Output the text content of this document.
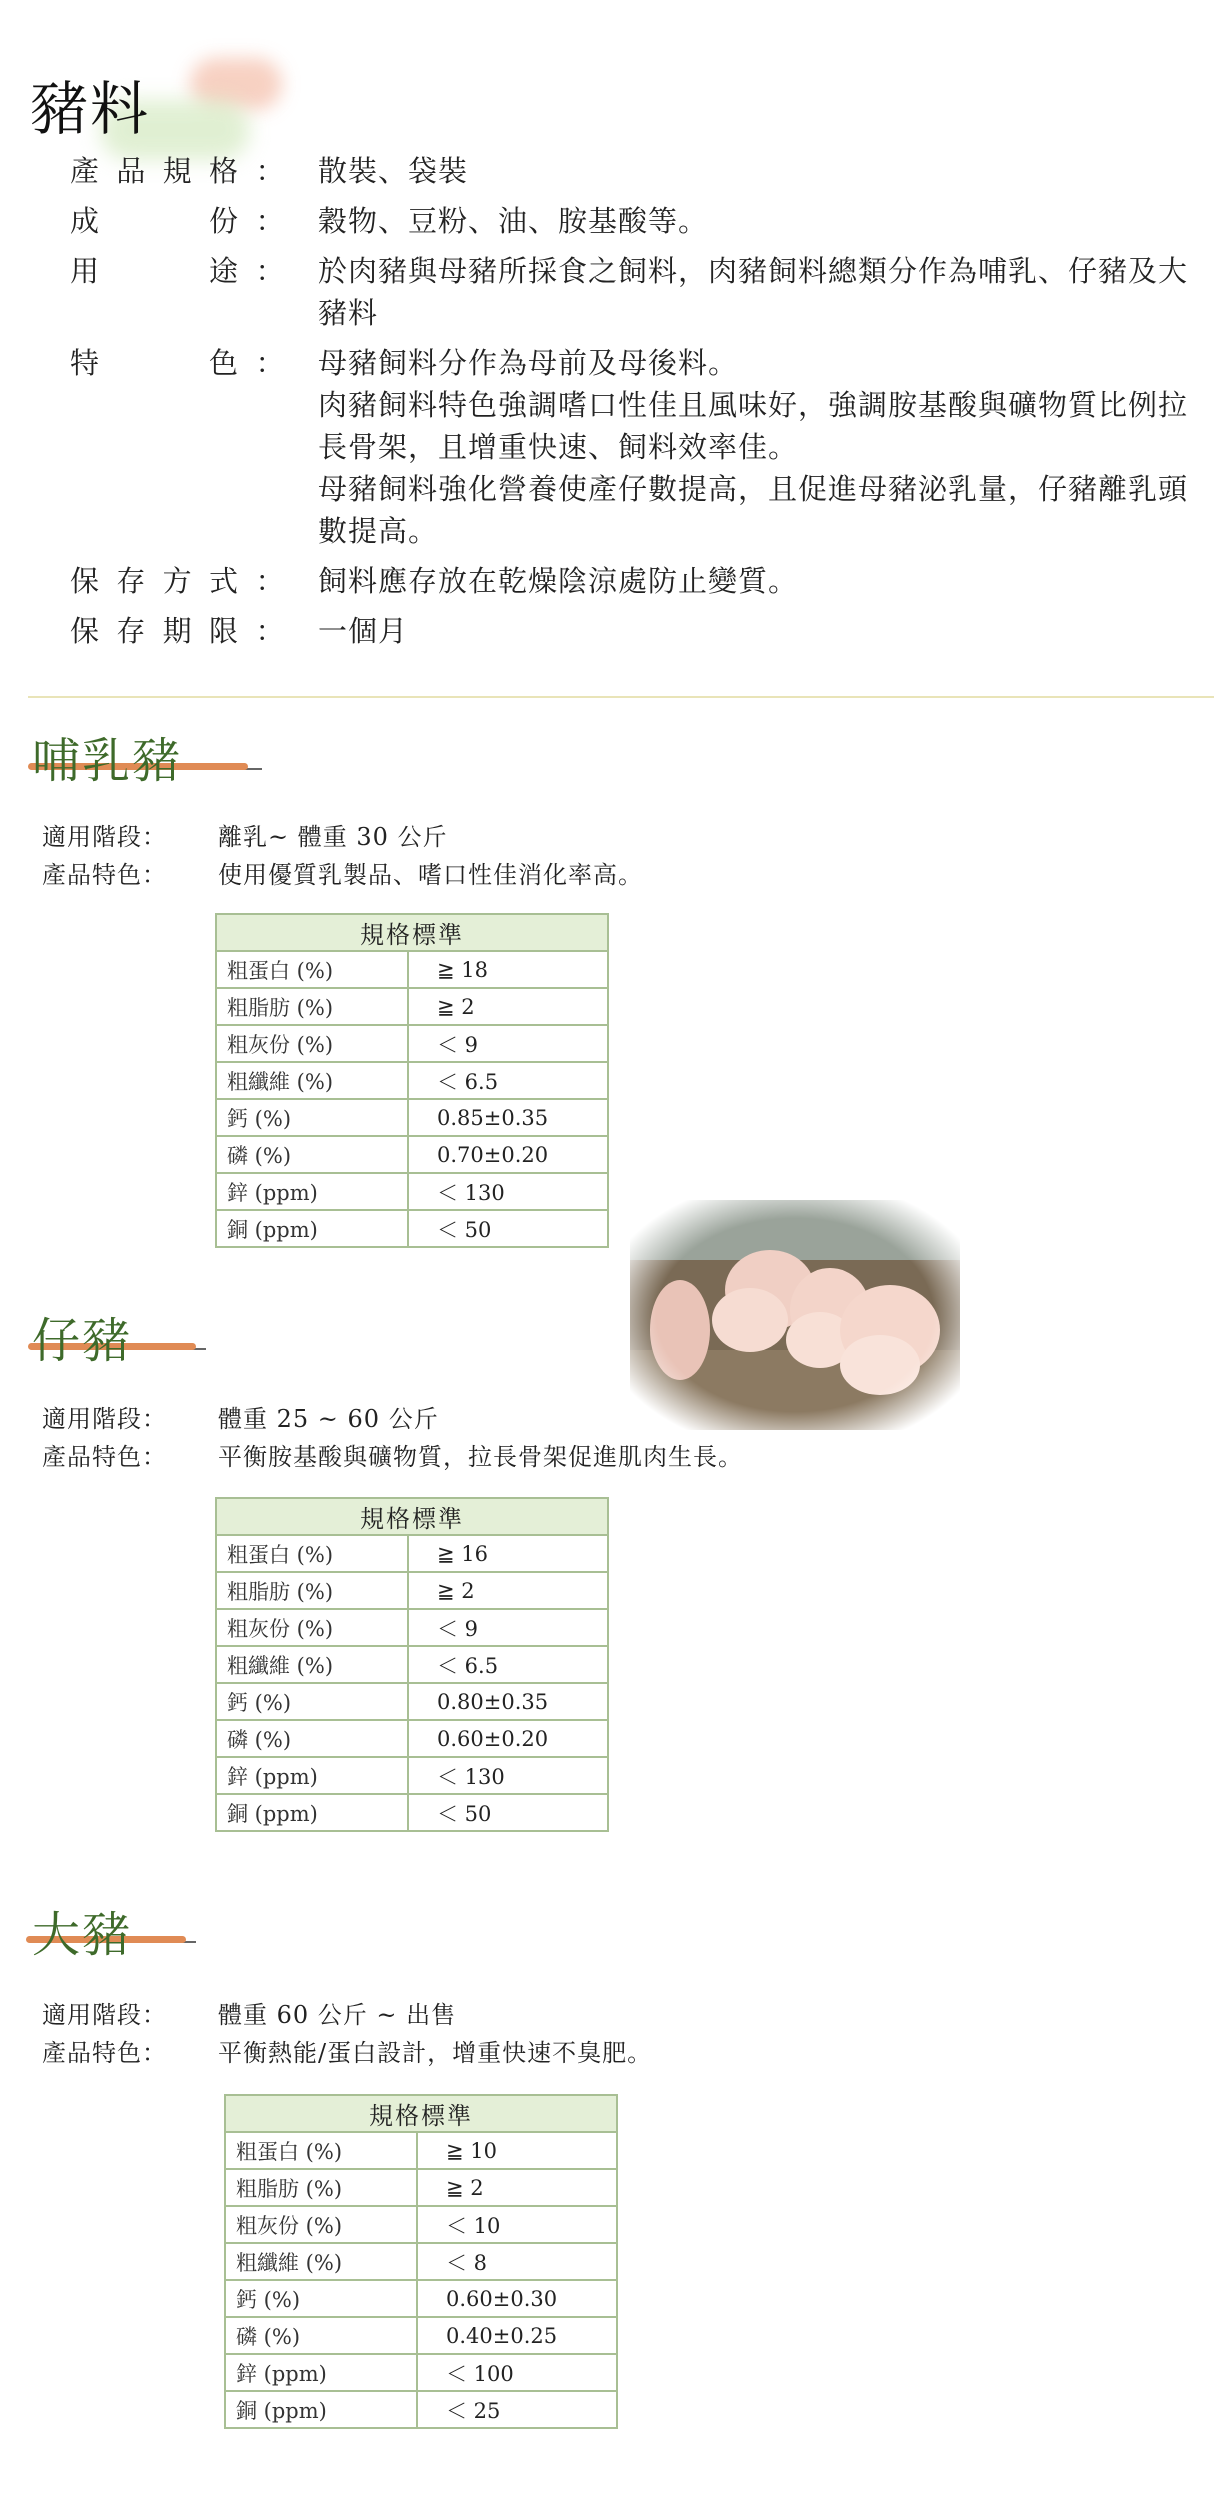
豬料
產品規格 ：	散裝、袋裝

成份 ：	穀物、豆粉、油、胺基酸等。

用途 ：	於肉豬與母豬所採食之飼料，肉豬飼料總類分作為哺乳、仔豬及大豬料

特色 ：	母豬飼料分作為母前及母後料。

肉豬飼料特色強調嗜口性佳且風味好，強調胺基酸與礦物質比例拉長骨架，且增重快速、飼料效率佳。

母豬飼料強化營養使產仔數提高，且促進母豬泌乳量，仔豬離乳頭數提高。

保存方式 ：	飼料應存放在乾燥陰涼處防止變質。

保存期限 ：	一個月

哺乳豬
適用階段：	離乳~ 體重 30 公斤
產品特色：	使用優質乳製品、嗜口性佳消化率高。
規格標準	
粗蛋白 (%)	≧ 18
粗脂肪 (%)	≧ 2
粗灰份 (%)	＜ 9
粗纖維 (%)	＜ 6.5
鈣 (%)	0.85±0.35
磷 (%)	0.70±0.20
鋅 (ppm)	＜ 130
銅 (ppm)	＜ 50
仔豬
適用階段：	體重 25 ~ 60 公斤
產品特色：	平衡胺基酸與礦物質，拉長骨架促進肌肉生長。
規格標準	
粗蛋白 (%)	≧ 16
粗脂肪 (%)	≧ 2
粗灰份 (%)	＜ 9
粗纖維 (%)	＜ 6.5
鈣 (%)	0.80±0.35
磷 (%)	0.60±0.20
鋅 (ppm)	＜ 130
銅 (ppm)	＜ 50
大豬
適用階段：	體重 60 公斤 ~ 出售
產品特色：	平衡熱能/蛋白設計，增重快速不臭肥。
規格標準	
粗蛋白 (%)	≧ 10
粗脂肪 (%)	≧ 2
粗灰份 (%)	＜ 10
粗纖維 (%)	＜ 8
鈣 (%)	0.60±0.30
磷 (%)	0.40±0.25
鋅 (ppm)	＜ 100
銅 (ppm)	＜ 25
